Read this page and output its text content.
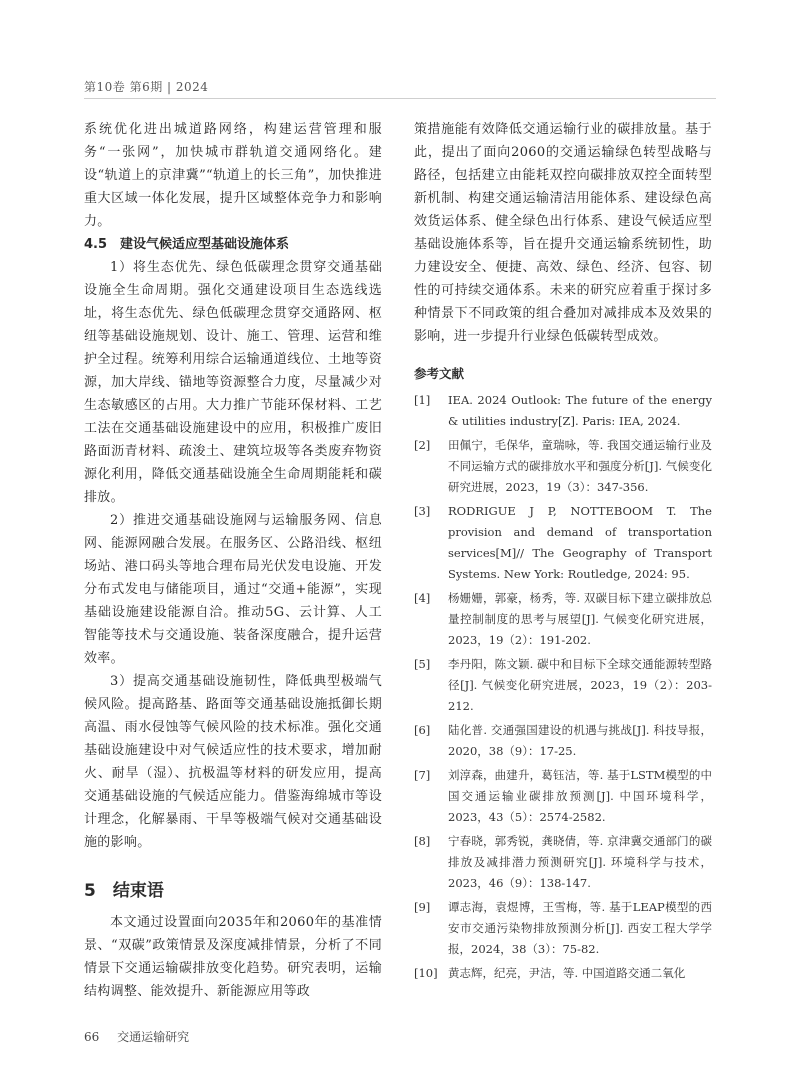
第10卷 第6期 | 2024

系统优化进出城道路网络，构建运营管理和服务“一张网”，加快城市群轨道交通网络化。建设“轨道上的京津冀”“轨道上的长三角”，加快推进重大区域一体化发展，提升区域整体竞争力和影响力。

4.5　建设气候适应型基础设施体系

1）将生态优先、绿色低碳理念贯穿交通基础设施全生命周期。强化交通建设项目生态选线选址，将生态优先、绿色低碳理念贯穿交通路网、枢纽等基础设施规划、设计、施工、管理、运营和维护全过程。统筹利用综合运输通道线位、土地等资源，加大岸线、锚地等资源整合力度，尽量减少对生态敏感区的占用。大力推广节能环保材料、工艺工法在交通基础设施建设中的应用，积极推广废旧路面沥青材料、疏浚土、建筑垃圾等各类废弃物资源化利用，降低交通基础设施全生命周期能耗和碳排放。

2）推进交通基础设施网与运输服务网、信息网、能源网融合发展。在服务区、公路沿线、枢纽场站、港口码头等地合理布局光伏发电设施、开发分布式发电与储能项目，通过“交通+能源”，实现基础设施建设能源自洽。推动5G、云计算、人工智能等技术与交通设施、装备深度融合，提升运营效率。

3）提高交通基础设施韧性，降低典型极端气候风险。提高路基、路面等交通基础设施抵御长期高温、雨水侵蚀等气候风险的技术标准。强化交通基础设施建设中对气候适应性的技术要求，增加耐火、耐旱（湿）、抗极温等材料的研发应用，提高交通基础设施的气候适应能力。借鉴海绵城市等设计理念，化解暴雨、干旱等极端气候对交通基础设施的影响。

5　结束语

本文通过设置面向2035年和2060年的基准情景、“双碳”政策情景及深度减排情景，分析了不同情景下交通运输碳排放变化趋势。研究表明，运输结构调整、能效提升、新能源应用等政

策措施能有效降低交通运输行业的碳排放量。基于此，提出了面向2060的交通运输绿色转型战略与路径，包括建立由能耗双控向碳排放双控全面转型新机制、构建交通运输清洁用能体系、建设绿色高效货运体系、健全绿色出行体系、建设气候适应型基础设施体系等，旨在提升交通运输系统韧性，助力建设安全、便捷、高效、绿色、经济、包容、韧性的可持续交通体系。未来的研究应着重于探讨多种情景下不同政策的组合叠加对减排成本及效果的影响，进一步提升行业绿色低碳转型成效。

参考文献
[1]	IEA. 2024 Outlook: The future of the energy & utilities industry[Z]. Paris: IEA, 2024.
[2]	田佩宁，毛保华，童瑞咏，等. 我国交通运输行业及不同运输方式的碳排放水平和强度分析[J]. 气候变化研究进展，2023，19（3）：347-356.
[3]	RODRIGUE J P, NOTTEBOOM T. The provision and demand of transportation services[M]// The Geography of Transport Systems. New York: Routledge, 2024: 95.
[4]	杨姗姗，郭豪，杨秀，等. 双碳目标下建立碳排放总量控制制度的思考与展望[J]. 气候变化研究进展，2023，19（2）：191-202.
[5]	李丹阳，陈文颖. 碳中和目标下全球交通能源转型路径[J]. 气候变化研究进展，2023，19（2）：203-212.
[6]	陆化普. 交通强国建设的机遇与挑战[J]. 科技导报，2020，38（9）：17-25.
[7]	刘淳森，曲建升，葛钰洁，等. 基于LSTM模型的中国交通运输业碳排放预测[J]. 中国环境科学，2023，43（5）：2574-2582.
[8]	宁春晓，郭秀锐，龚晓倩，等. 京津冀交通部门的碳排放及减排潜力预测研究[J]. 环境科学与技术，2023，46（9）：138-147.
[9]	谭志海，袁煜博，王雪梅，等. 基于LEAP模型的西安市交通污染物排放预测分析[J]. 西安工程大学学报，2024，38（3）：75-82.
[10] 黄志辉，纪亮，尹洁，等. 中国道路交通二氧化
66 交通运输研究
